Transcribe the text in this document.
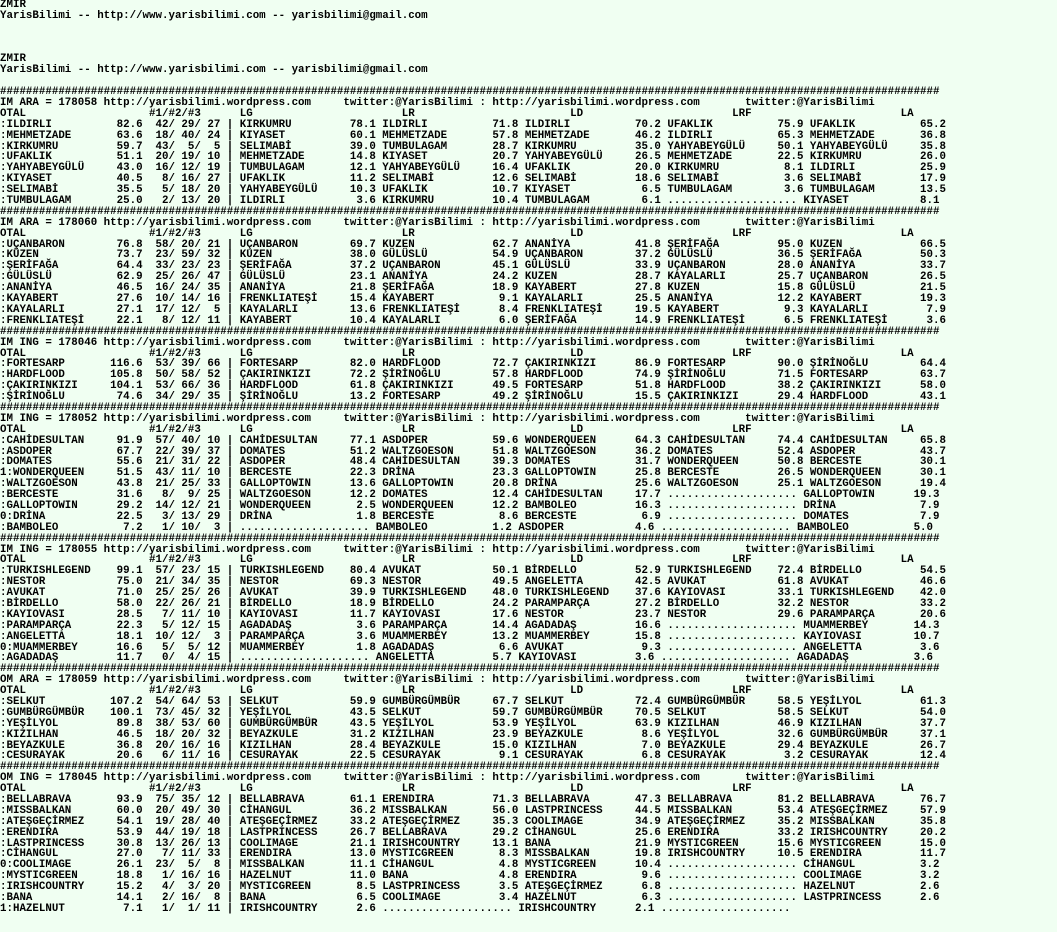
ZMIR
YarisBilimi -- http://www.yarisbilimi.com -- yarisbilimi@gmail.com
ZMIR
YarisBilimi -- http://www.yarisbilimi.com -- yarisbilimi@gmail.com
#################################################################################################################################################
IM ARA = 178058 http://yarisbilimi.wordpress.com     twitter:@YarisBilimi : http://yarisbilimi.wordpress.com       twitter:@YarisBilimi
OTAL                   #1/#2/#3      LG                       LR                        LD                       LRF                       LA
:ILDIRLI          82.6  42/ 29/ 27 | KIRKUMRU         78.1 ILDIRLI          71.8 ILDIRLI          70.2 UFAKLIK          75.9 UFAKLIK          65.2
:MEHMETZADE       63.6  18/ 40/ 24 | KIYASET          60.1 MEHMETZADE       57.8 MEHMETZADE       46.2 ILDIRLI          65.3 MEHMETZADE       36.8
:KIRKUMRU         59.7  43/  5/  5 | SELIMABİ         39.0 TUMBULAGAM       28.7 KIRKUMRU         35.0 YAHYABEYGÜLÜ     50.1 YAHYABEYGÜLÜ     35.8
:UFAKLIK          51.1  20/ 19/ 10 | MEHMETZADE       14.8 KIYASET          20.7 YAHYABEYGÜLÜ     26.5 MEHMETZADE       22.5 KIRKUMRU         26.0
:YAHYABEYGÜLÜ     43.0  16/ 12/ 19 | TUMBULAGAM       12.1 YAHYABEYGÜLÜ     16.4 UFAKLIK          20.0 KIRKUMRU          8.1 ILDIRLI          25.9
:KIYASET          40.5   8/ 16/ 27 | UFAKLIK          11.2 SELIMABİ         12.6 SELIMABİ         18.6 SELIMABİ          3.6 SELIMABİ         17.9
:SELIMABİ         35.5   5/ 18/ 20 | YAHYABEYGÜLÜ     10.3 UFAKLIK          10.7 KIYASET           6.5 TUMBULAGAM        3.6 TUMBULAGAM       13.5
:TUMBULAGAM       25.0   2/ 13/ 20 | ILDIRLI           3.6 KIRKUMRU         10.4 TUMBULAGAM        6.1 .................... KIYASET           8.1
#################################################################################################################################################
IM ARA = 178060 http://yarisbilimi.wordpress.com     twitter:@YarisBilimi : http://yarisbilimi.wordpress.com       twitter:@YarisBilimi
OTAL                   #1/#2/#3      LG                       LR                        LD                       LRF                       LA
:UÇANBARON        76.8  58/ 20/ 21 | UÇANBARON        69.7 KUZEN            62.7 ANANİYA          41.8 ŞERİFAĞA         95.0 KUZEN            66.5
:KÜZEN            73.7  23/ 59/ 32 | KUZEN            38.0 GÜLÜSLÜ          54.9 UÇANBARON        37.2 GÜLÜSLÜ          36.5 ŞERİFAĞA         50.3
:ŞERİFAĞA         64.4  33/ 23/ 23 | ŞERİFAĞA         37.2 UÇANBARON        45.1 GÜLÜSLÜ          33.9 UÇANBARON        28.0 ANANİYA          33.7
:GÜLÜSLÜ          62.9  25/ 26/ 47 | GÜLÜSLÜ          23.1 ANANİYA          24.2 KUZEN            28.7 KAYALARLI        25.7 UÇANBARON        26.5
:ANANİYA          46.5  16/ 24/ 35 | ANANİYA          21.8 ŞERİFAĞA         18.9 KAYABERT         27.8 KUZEN            15.8 GÜLÜSLÜ          21.5
:KAYABERT         27.6  10/ 14/ 16 | FRENKLIATEŞİ     15.4 KAYABERT          9.1 KAYALARLI        25.5 ANANİYA          12.2 KAYABERT         19.3
:KAYALARLI        27.1  17/ 12/  5 | KAYALARLI        13.6 FRENKLIATEŞİ      8.4 FRENKLIATEŞİ     19.5 KAYABERT          9.3 KAYALARLI         7.9
:FRENKLIATEŞİ     22.1   8/ 12/ 11 | KAYABERT         10.4 KAYALARLI         6.0 ŞERİFAĞA         14.9 FRENKLIATEŞİ      6.5 FRENKLIATEŞİ      3.6
#################################################################################################################################################
IM ING = 178046 http://yarisbilimi.wordpress.com     twitter:@YarisBilimi : http://yarisbilimi.wordpress.com       twitter:@YarisBilimi
OTAL                   #1/#2/#3      LG                       LR                        LD                       LRF                       LA
:FORTESARP       116.6  53/ 39/ 66 | FORTESARP        82.0 HARDFLOOD        72.7 ÇAKIRINKIZI      86.9 FORTESARP        90.0 ŞİRİNOĞLU        64.4
:HARDFLOOD       105.8  50/ 58/ 52 | ÇAKIRINKIZI      72.2 ŞİRİNOĞLU        57.8 HARDFLOOD        74.9 ŞİRİNOĞLU        71.5 FORTESARP        63.7
:ÇAKIRINKIZI     104.1  53/ 66/ 36 | HARDFLOOD        61.8 ÇAKIRINKIZI      49.5 FORTESARP        51.8 HARDFLOOD        38.2 ÇAKIRINKIZI      58.0
:ŞİRİNOĞLU        74.6  34/ 29/ 35 | ŞİRİNOĞLU        13.2 FORTESARP        49.2 ŞİRİNOĞLU        15.5 ÇAKIRINKIZI      29.4 HARDFLOOD        43.1
#################################################################################################################################################
IM ING = 178052 http://yarisbilimi.wordpress.com     twitter:@YarisBilimi : http://yarisbilimi.wordpress.com       twitter:@YarisBilimi
OTAL                   #1/#2/#3      LG                       LR                        LD                       LRF                       LA
:CAHİDESULTAN     91.9  57/ 40/ 10 | CAHİDESULTAN     77.1 ASDOPER          59.6 WONDERQUEEN      64.3 CAHİDESULTAN     74.4 CAHİDESULTAN     65.8
:ASDOPER          67.7  22/ 39/ 37 | DOMATES          51.2 WALTZGOESON      51.8 WALTZGOESON      36.2 DOMATES          52.4 ASDOPER          43.7
:DOMATES          55.6  21/ 31/ 22 | ASDOPER          48.4 CAHİDESULTAN     39.3 DOMATES          31.7 WONDERQUEEN      50.8 BERCESTE         30.1
1:WONDERQUEEN     51.5  43/ 11/ 10 | BERCESTE         22.3 DRİNA            23.3 GALLOPTOWIN      25.8 BERCESTE         26.5 WONDERQUEEN      30.1
:WALTZGOESON      43.8  21/ 25/ 33 | GALLOPTOWIN      13.6 GALLOPTOWIN      20.8 DRİNA            25.6 WALTZGOESON      25.1 WALTZGOESON      19.4
:BERCESTE         31.6   8/  9/ 25 | WALTZGOESON      12.2 DOMATES          12.4 CAHİDESULTAN     17.7 .................... GALLOPTOWIN      19.3
:GALLOPTOWIN      29.2  14/ 12/ 21 | WONDERQUEEN       2.5 WONDERQUEEN      12.2 BAMBOLEO         16.3 .................... DRİNA             7.9
0:DRİNA           22.5   3/ 13/ 29 | DRİNA             1.8 BERCESTE          8.6 BERCESTE          6.9 .................... DOMATES           7.9
:BAMBOLEO          7.2   1/ 10/  3 | .................... BAMBOLEO          1.2 ASDOPER           4.6 .................... BAMBOLEO          5.0
#################################################################################################################################################
IM ING = 178055 http://yarisbilimi.wordpress.com     twitter:@YarisBilimi : http://yarisbilimi.wordpress.com       twitter:@YarisBilimi
OTAL                   #1/#2/#3      LG                       LR                        LD                       LRF                       LA
:TURKISHLEGEND    99.1  57/ 23/ 15 | TURKISHLEGEND    80.4 AVUKAT           50.1 BİRDELLO         52.9 TURKISHLEGEND    72.4 BİRDELLO         54.5
:NESTOR           75.0  21/ 34/ 35 | NESTOR           69.3 NESTOR           49.5 ANGELETTA        42.5 AVUKAT           61.8 AVUKAT           46.6
:AVUKAT           71.0  25/ 25/ 26 | AVUKAT           39.9 TURKISHLEGEND    48.0 TURKISHLEGEND    37.6 KAYIOVASI        33.1 TURKISHLEGEND    42.0
:BİRDELLO         58.0  22/ 26/ 21 | BİRDELLO         18.9 BİRDELLO         24.2 PARAMPARÇA       27.2 BİRDELLO         32.2 NESTOR           33.2
:KAYIOVASI        28.5   7/ 11/ 10 | KAYIOVASI        11.7 KAYIOVASI        17.6 NESTOR           23.7 NESTOR           29.6 PARAMPARÇA       20.6
:PARAMPARÇA       22.3   5/ 12/ 15 | AGADADAŞ          3.6 PARAMPARÇA       14.4 AGADADAŞ         16.6 .................... MUAMMERBEY       14.3
:ANGELETTA        18.1  10/ 12/  3 | PARAMPARÇA        3.6 MUAMMERBEY       13.2 MUAMMERBEY       15.8 .................... KAYIOVASI        10.7
0:MUAMMERBEY      16.6   5/  5/ 12 | MUAMMERBEY        1.8 AGADADAŞ          6.6 AVUKAT            9.3 .................... ANGELETTA         3.6
:AGADADAŞ         11.7   0/  4/ 15 | .................... ANGELETTA         5.7 KAYIOVASI         3.6 .................... AGADADAŞ          3.6
#################################################################################################################################################
OM ARA = 178059 http://yarisbilimi.wordpress.com     twitter:@YarisBilimi : http://yarisbilimi.wordpress.com       twitter:@YarisBilimi
OTAL                   #1/#2/#3      LG                       LR                        LD                       LRF                       LA
:SELKUT          107.2  54/ 64/ 53 | SELKUT           59.9 GUMBÜRGÜMBÜR     67.7 SELKUT           72.4 GUMBÜRGÜMBÜR     58.5 YEŞİLYOL         61.3
:GUMBÜRGÜMBÜR    100.1  73/ 45/ 32 | YEŞİLYOL         43.5 SELKUT           59.7 GUMBÜRGÜMBÜR     70.5 SELKUT           58.5 SELKUT           54.0
:YEŞİLYOL         89.8  38/ 53/ 60 | GUMBÜRGÜMBÜR     43.5 YEŞİLYOL         53.9 YEŞİLYOL         63.9 KIZILHAN         46.9 KIZILHAN         37.7
:KIZILHAN         46.5  18/ 20/ 32 | BEYAZKULE        31.2 KIZILHAN         23.9 BEYAZKULE         8.6 YEŞİLYOL         32.6 GUMBÜRGÜMBÜR     37.1
:BEYAZKULE        36.8  20/ 16/ 16 | KIZILHAN         28.4 BEYAZKULE        15.0 KIZILHAN          7.0 BEYAZKULE        29.4 BEYAZKULE        26.7
:CESURAYAK        20.6   6/ 11/ 16 | CESURAYAK        22.5 CESURAYAK         9.1 CESURAYAK         6.8 CESURAYAK         3.2 CESURAYAK        12.4
#################################################################################################################################################
OM ING = 178045 http://yarisbilimi.wordpress.com     twitter:@YarisBilimi : http://yarisbilimi.wordpress.com       twitter:@YarisBilimi
OTAL                   #1/#2/#3      LG                       LR                        LD                       LRF                       LA
:BELLABRAVA       93.9  75/ 35/ 12 | BELLABRAVA       61.1 ERENDIRA         71.3 BELLABRAVA       47.3 BELLABRAVA       81.2 BELLABRAVA       76.7
:MISSBALKAN       60.0  20/ 49/ 30 | CİHANGUL         36.2 MISSBALKAN       56.0 LASTPRINCESS     44.5 MISSBALKAN       53.4 ATEŞGEÇİRMEZ     57.9
:ATEŞGEÇİRMEZ     54.1  19/ 28/ 40 | ATEŞGEÇİRMEZ     33.2 ATEŞGEÇİRMEZ     35.3 COOLIMAGE        34.9 ATEŞGEÇİRMEZ     35.2 MISSBALKAN       35.8
:ERENDIRA         53.9  44/ 19/ 18 | LASTPRINCESS     26.7 BELLABRAVA       29.2 CİHANGUL         25.6 ERENDIRA         33.2 IRISHCOUNTRY     20.2
:LASTPRINCESS     30.8  13/ 26/ 13 | COOLIMAGE        21.1 IRISHCOUNTRY     13.1 BANA             21.9 MYSTICGREEN      15.6 MYSTICGREEN      15.0
:CİHANGUL         27.0   7/ 11/ 33 | ERENDIRA         13.0 MYSTICGREEN       8.3 MISSBALKAN       19.8 IRISHCOUNTRY     10.5 ERENDIRA         11.7
0:COOLIMAGE       26.1  23/  5/  8 | MISSBALKAN       11.1 CİHANGUL          4.8 MYSTICGREEN      10.4 .................... CİHANGUL          3.2
:MYSTICGREEN      18.8   1/ 16/ 16 | HAZELNUT         11.0 BANA              4.8 ERENDIRA          9.6 .................... COOLIMAGE         3.2
:IRISHCOUNTRY     15.2   4/  3/ 20 | MYSTICGREEN       8.5 LASTPRINCESS      3.5 ATEŞGEÇİRMEZ      6.8 .................... HAZELNUT          2.6
:BANA             14.1   2/ 16/  8 | BANA              6.5 COOLIMAGE         3.4 HAZELNUT          6.3 .................... LASTPRINCESS      2.6
1:HAZELNUT         7.1   1/  1/ 11 | IRISHCOUNTRY      2.6 .................... IRISHCOUNTRY      2.1 ....................
